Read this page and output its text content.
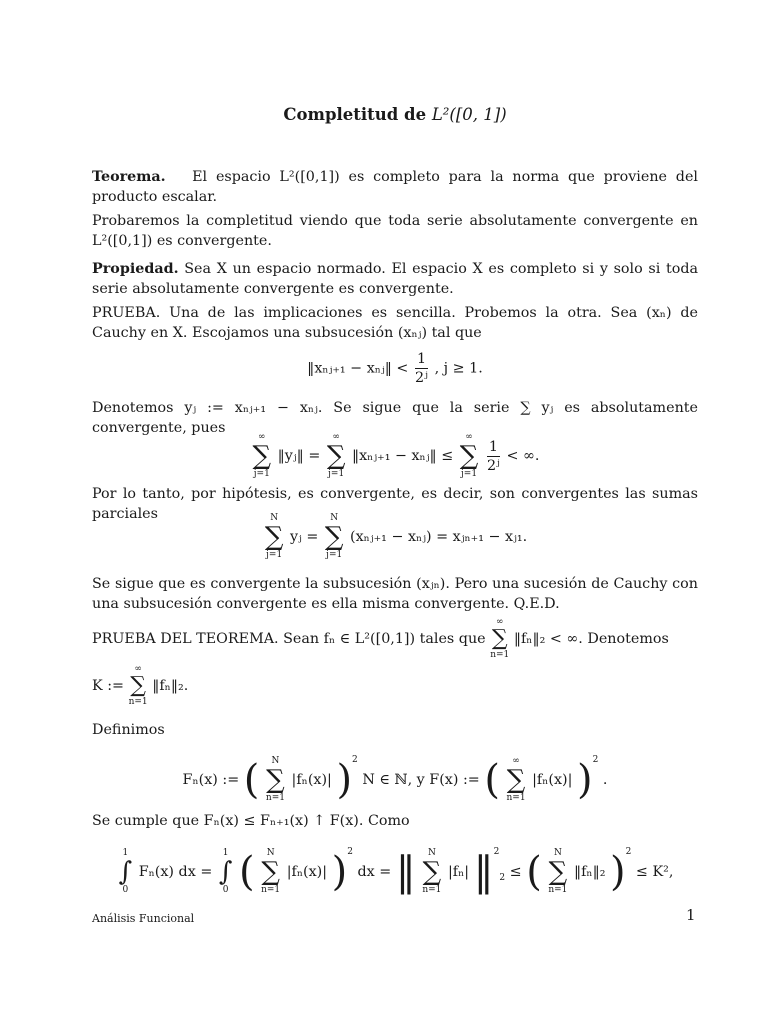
Completitud de L²([0, 1])
Teorema. El espacio L²([0,1]) es completo para la norma que proviene del producto escalar.
Probaremos la completitud viendo que toda serie absolutamente convergente en L²([0,1]) es convergente.
Propiedad. Sea X un espacio normado. El espacio X es completo si y solo si toda serie absolutamente convergente es convergente.
PRUEBA. Una de las implicaciones es sencilla. Probemos la otra. Sea (xₙ) de Cauchy en X. Escojamos una subsucesión (xₙⱼ) tal que
‖xₙⱼ₊₁ − xₙⱼ‖ < $\frac{1}{\text{2ʲ}}$ , j ≥ 1.
Denotemos yⱼ := xₙⱼ₊₁ − xₙⱼ. Se sigue que la serie ∑ yⱼ es absolutamente convergente, pues
∞
∑
j=1
‖yⱼ‖ =
∞
∑
j=1
‖xₙⱼ₊₁ − xₙⱼ‖ ≤
∞
∑
j=1
$\frac{1}{\text{2ʲ}}$ < ∞.
Por lo tanto, por hipótesis, es convergente, es decir, son convergentes las sumas parciales	N
∑
j=1
yⱼ =
N
∑
j=1
(xₙⱼ₊₁ − xₙⱼ) = xⱼₙ₊₁ − xⱼ₁.
Se sigue que es convergente la subsucesión (xⱼₙ). Pero una sucesión de Cauchy con una subsucesión convergente es ella misma convergente. Q.E.D.
PRUEBA DEL TEOREMA. Sean fₙ ∈ L²([0,1]) tales que
∞
∑
n=1
‖fₙ‖₂ < ∞. Denotemos
K :=
∞
∑
n=1
‖fₙ‖₂.
Definimos
Fₙ(x) := (	N
∑
n=1
|fₙ(x)| )$^2$ N ∈ ℕ, y F(x) := (	∞
∑
n=1
|fₙ(x)| )$^2$ .
Se cumple que Fₙ(x) ≤ Fₙ₊₁(x) ↑ F(x). Como
1
∫
0
Fₙ(x) dx =
1
∫
0 (	N
∑
n=1
|fₙ(x)| )$^2$ dx = ‖	N
∑
n=1
|fₙ| ‖$^2_2$ ≤ (	N
∑
n=1
‖fₙ‖₂ )$^2$ ≤ K²,
Análisis Funcional	1
